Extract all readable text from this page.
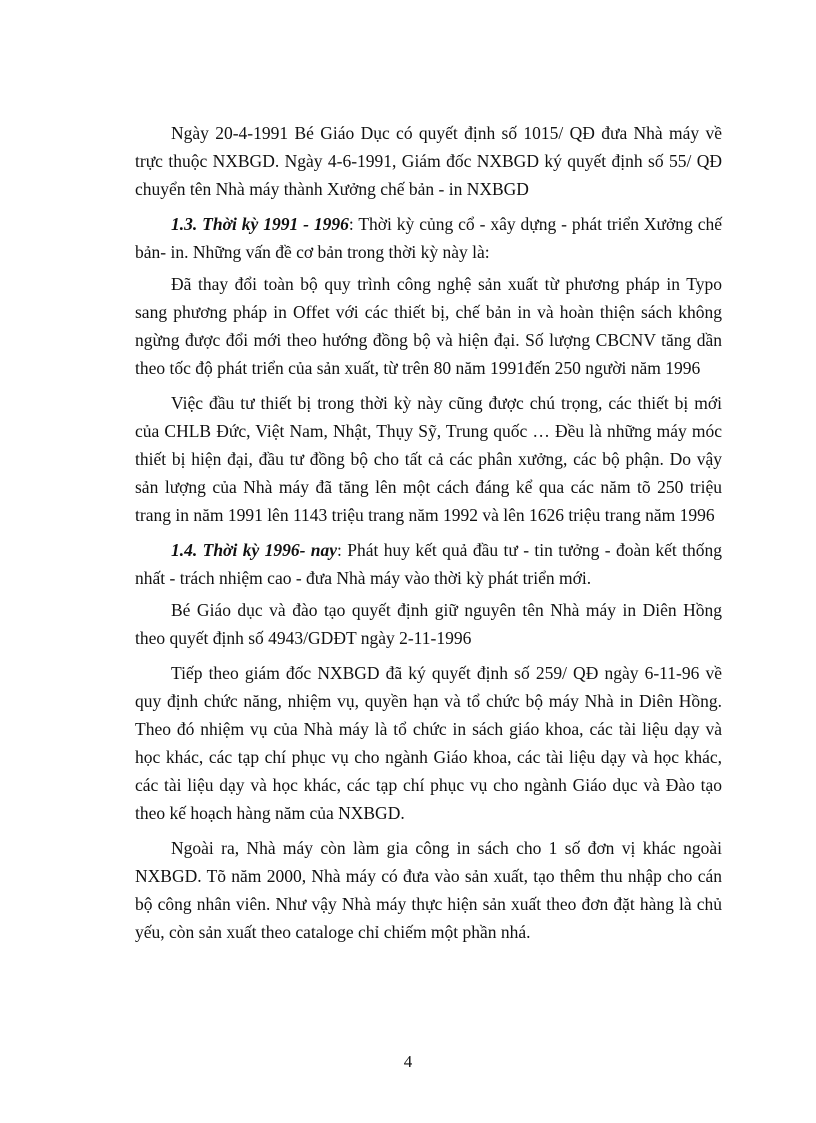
Ngày 20-4-1991 Bé Giáo Dục có quyết định số 1015/ QĐ đưa Nhà máy về trực thuộc NXBGD. Ngày 4-6-1991, Giám đốc NXBGD ký quyết định số 55/ QĐ chuyển tên Nhà máy thành Xưởng chế bản - in NXBGD

1.3. Thời kỳ 1991 - 1996: Thời kỳ củng cổ - xây dựng - phát triển Xưởng chế bản- in. Những vấn đề cơ bản trong thời kỳ này là:

Đã thay đổi toàn bộ quy trình công nghệ sản xuất từ phương pháp in Typo sang phương pháp in Offet với các thiết bị, chế bản in và hoàn thiện sách không ngừng được đổi mới theo hướng đồng bộ và hiện đại. Số lượng CBCNV tăng dần theo tốc độ phát triển của sản xuất, từ trên 80 năm 1991đến 250 người năm 1996

Việc đầu tư thiết bị trong thời kỳ này cũng được chú trọng, các thiết bị mới của CHLB Đức, Việt Nam, Nhật, Thụy Sỹ, Trung quốc … Đều là những máy móc thiết bị hiện đại, đầu tư đồng bộ cho tất cả các phân xưởng, các bộ phận. Do vậy sản lượng của Nhà máy đã tăng lên một cách đáng kể qua các năm tõ 250 triệu trang in năm 1991 lên 1143 triệu trang năm 1992 và lên 1626 triệu trang năm 1996

1.4. Thời kỳ 1996- nay: Phát huy kết quả đầu tư - tin tưởng - đoàn kết thống nhất - trách nhiệm cao - đưa Nhà máy vào thời kỳ phát triển mới.

Bé Giáo dục và đào tạo quyết định giữ nguyên tên Nhà máy in Diên Hồng theo quyết định số 4943/GDĐT ngày 2-11-1996

Tiếp theo giám đốc NXBGD đã ký quyết định số 259/ QĐ ngày 6-11-96 về quy định chức năng, nhiệm vụ, quyền hạn và tổ chức bộ máy Nhà in Diên Hồng. Theo đó nhiệm vụ của Nhà máy là tổ chức in sách giáo khoa, các tài liệu dạy và học khác, các tạp chí phục vụ cho ngành Giáo khoa, các tài liệu dạy và học khác, các tài liệu dạy và học khác, các tạp chí phục vụ cho ngành Giáo dục và Đào tạo theo kế hoạch hàng năm của NXBGD.

Ngoài ra, Nhà máy còn làm gia công in sách cho 1 số đơn vị khác ngoài NXBGD. Tõ năm 2000, Nhà máy có đưa vào sản xuất, tạo thêm thu nhập cho cán bộ công nhân viên. Như vậy Nhà máy thực hiện sản xuất theo đơn đặt hàng là chủ yếu, còn sản xuất theo cataloge chỉ chiếm một phần nhá.

4
